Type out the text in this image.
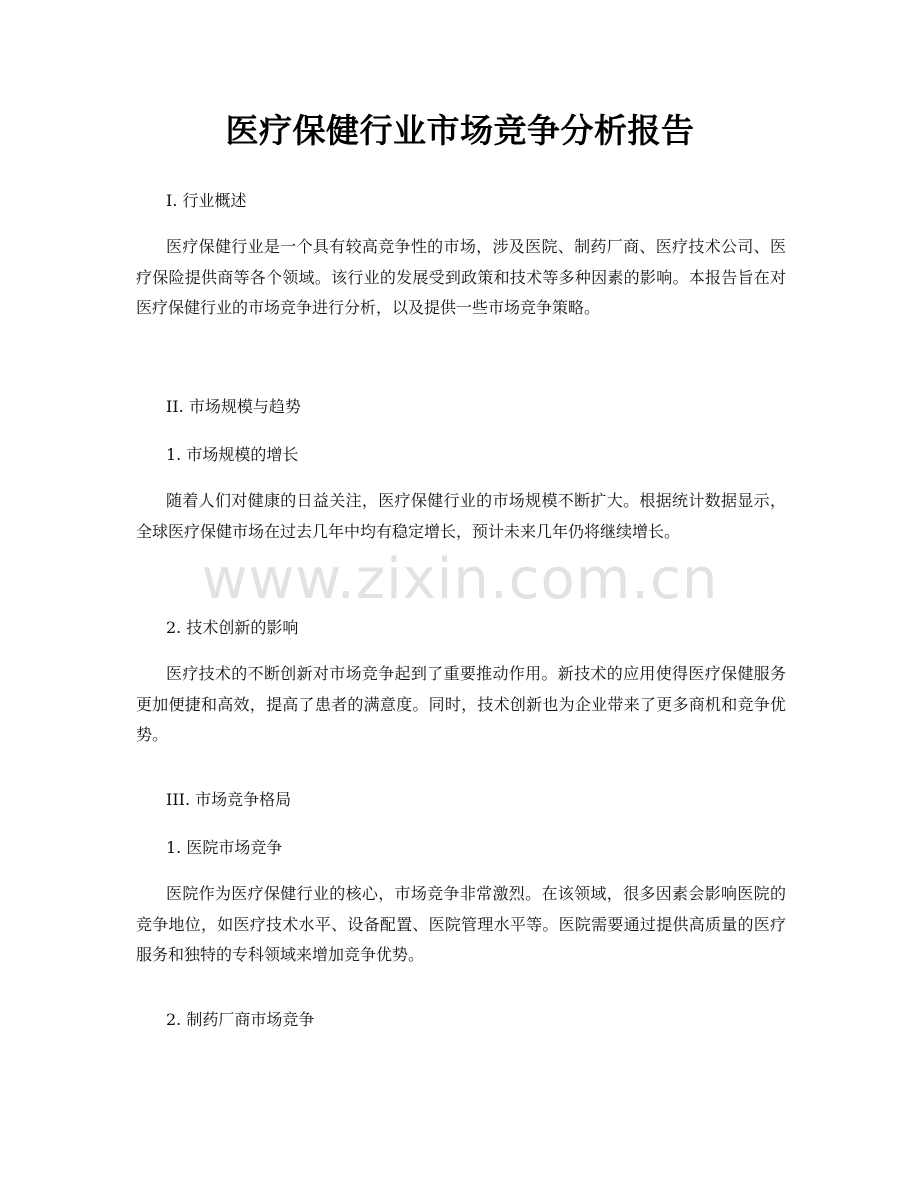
医疗保健行业市场竞争分析报告

I. 行业概述

医疗保健行业是一个具有较高竞争性的市场，涉及医院、制药厂商、医疗技术公司、医疗保险提供商等各个领域。该行业的发展受到政策和技术等多种因素的影响。本报告旨在对医疗保健行业的市场竞争进行分析，以及提供一些市场竞争策略。

II. 市场规模与趋势

1. 市场规模的增长

随着人们对健康的日益关注，医疗保健行业的市场规模不断扩大。根据统计数据显示，全球医疗保健市场在过去几年中均有稳定增长，预计未来几年仍将继续增长。

2. 技术创新的影响

医疗技术的不断创新对市场竞争起到了重要推动作用。新技术的应用使得医疗保健服务更加便捷和高效，提高了患者的满意度。同时，技术创新也为企业带来了更多商机和竞争优势。

III. 市场竞争格局

1. 医院市场竞争

医院作为医疗保健行业的核心，市场竞争非常激烈。在该领域，很多因素会影响医院的竞争地位，如医疗技术水平、设备配置、医院管理水平等。医院需要通过提供高质量的医疗服务和独特的专科领域来增加竞争优势。

2. 制药厂商市场竞争

www.zixin.com.cn
